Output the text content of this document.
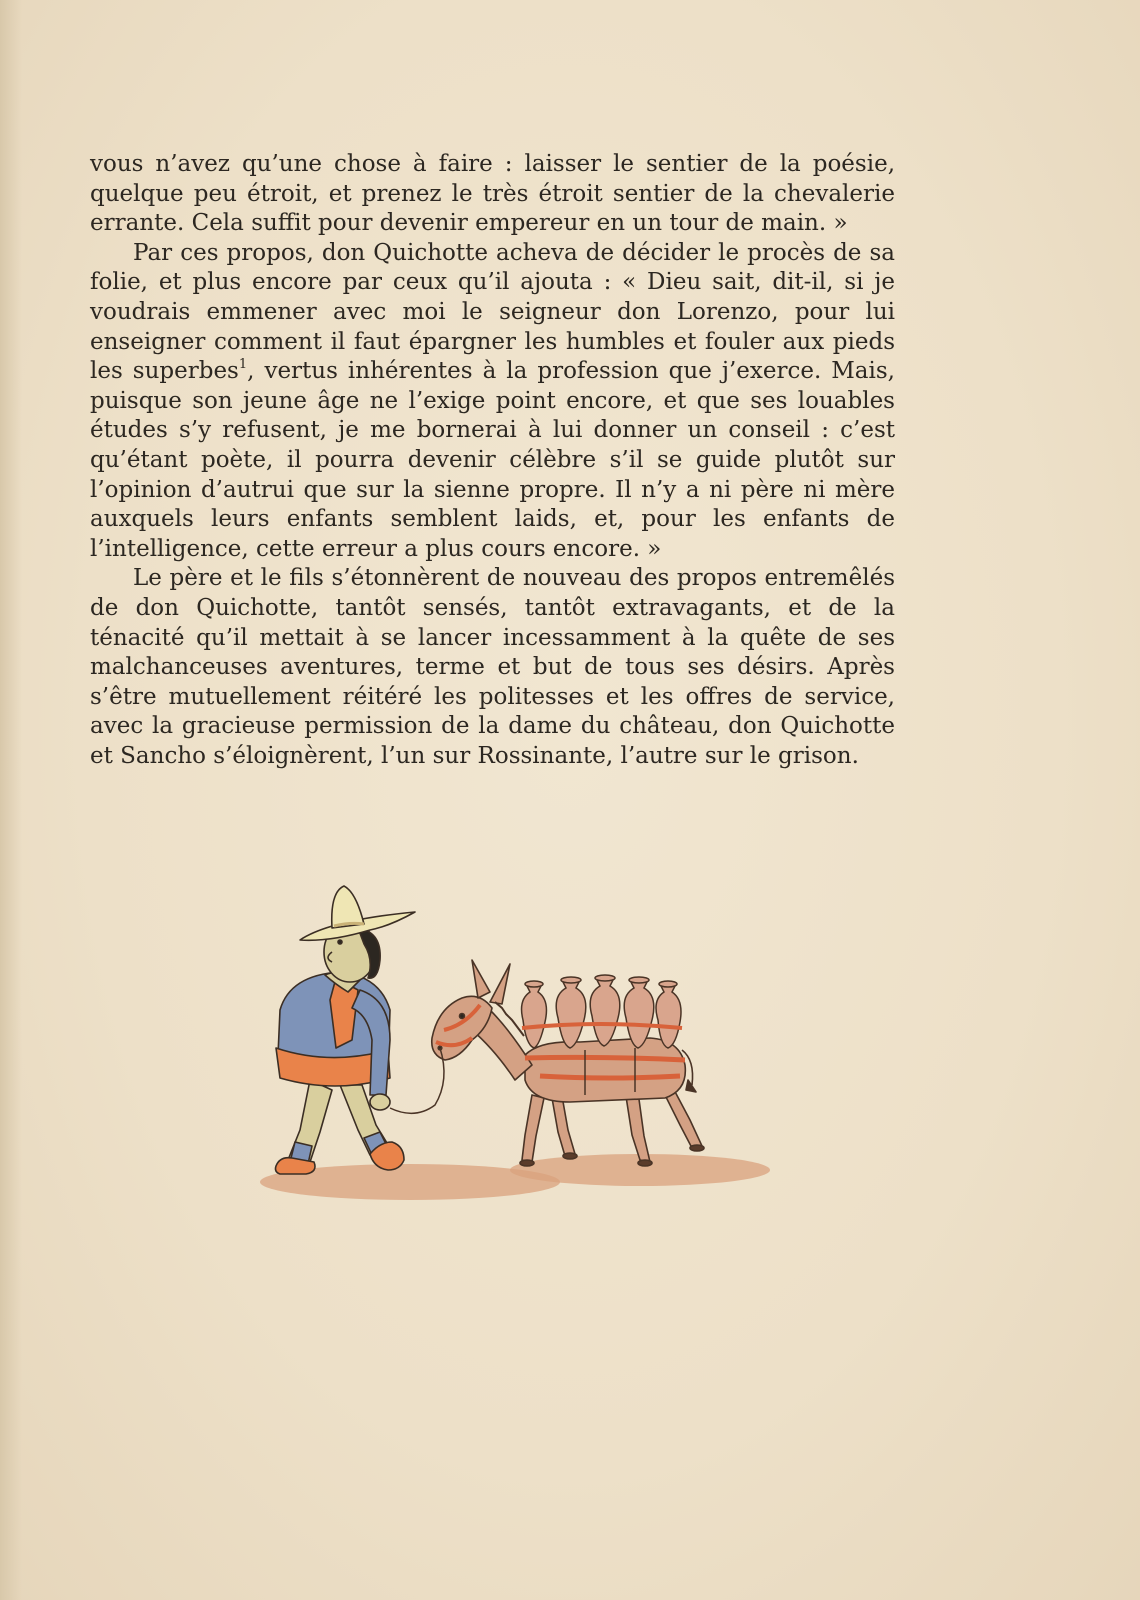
vous n’avez qu’une chose à faire : laisser le sentier de la poésie, quelque peu étroit, et prenez le très étroit sentier de la chevalerie errante. Cela suffit pour devenir empereur en un tour de main. »

Par ces propos, don Quichotte acheva de décider le procès de sa folie, et plus encore par ceux qu’il ajouta : « Dieu sait, dit-il, si je voudrais emmener avec moi le seigneur don Lorenzo, pour lui enseigner comment il faut épargner les humbles et fouler aux pieds les superbes$^1$, vertus inhérentes à la profession que j’exerce. Mais, puisque son jeune âge ne l’exige point encore, et que ses louables études s’y refusent, je me bornerai à lui donner un conseil : c’est qu’étant poète, il pourra devenir célèbre s’il se guide plutôt sur l’opinion d’autrui que sur la sienne propre. Il n’y a ni père ni mère auxquels leurs enfants semblent laids, et, pour les enfants de l’intelligence, cette erreur a plus cours encore. »

Le père et le fils s’étonnèrent de nouveau des propos entremêlés de don Quichotte, tantôt sensés, tantôt extravagants, et de la ténacité qu’il mettait à se lancer incessamment à la quête de ses malchanceuses aventures, terme et but de tous ses désirs. Après s’être mutuellement réitéré les politesses et les offres de service, avec la gracieuse permission de la dame du château, don Quichotte et Sancho s’éloignèrent, l’un sur Rossinante, l’autre sur le grison.
